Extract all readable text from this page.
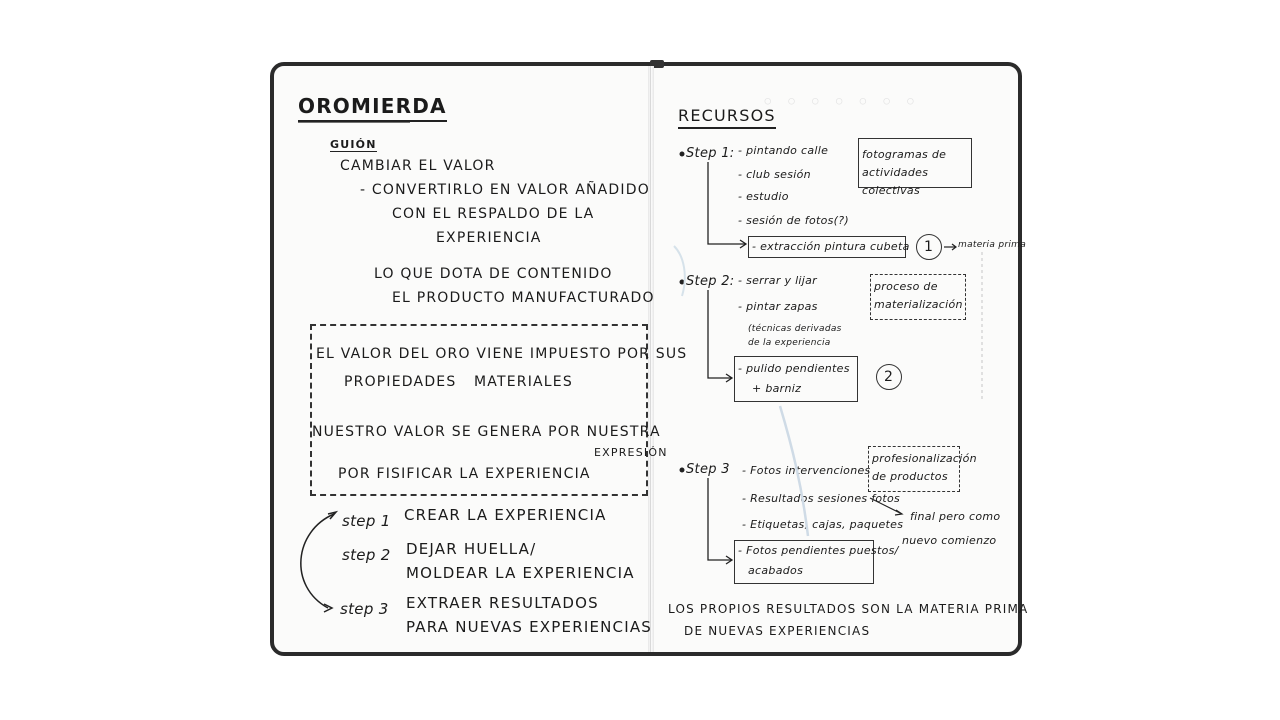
OROMIERDA
GUIÓN
CAMBIAR EL VALOR
- CONVERTIRLO EN VALOR AÑADIDO
CON EL RESPALDO DE LA
EXPERIENCIA
LO QUE DOTA DE CONTENIDO
EL PRODUCTO MANUFACTURADO
EL VALOR DEL ORO VIENE IMPUESTO POR SUS
PROPIEDADES MATERIALES
NUESTRO VALOR SE GENERA POR NUESTRA
EXPRESIÓN
POR FISIFICAR LA EXPERIENCIA
step 1 CREAR LA EXPERIENCIA
step 2 DEJAR HUELLA/
MOLDEAR LA EXPERIENCIA
step 3 EXTRAER RESULTADOS
PARA NUEVAS EXPERIENCIAS
◦ ◦ ◦ ◦ ◦ ◦ ◦
RECURSOS
Step 1: - pintando calle
- club sesión
- estudio
- sesión de fotos(?)
fotogramas de actividades colectivas
- extracción pintura cubeta	1	materia prima
Step 2: - serrar y lijar
- pintar zapas
(técnicas derivadas de la experiencia
proceso de materialización
- pulido pendientes
+ barniz
2
Step 3 - Fotos intervenciones
- Resultados sesiones fotos
- Etiquetas, cajas, paquetes
profesionalización de productos
- Fotos pendientes puestos/
acabados
final pero como
nuevo comienzo
LOS PROPIOS RESULTADOS SON LA MATERIA PRIMA
DE NUEVAS EXPERIENCIAS
